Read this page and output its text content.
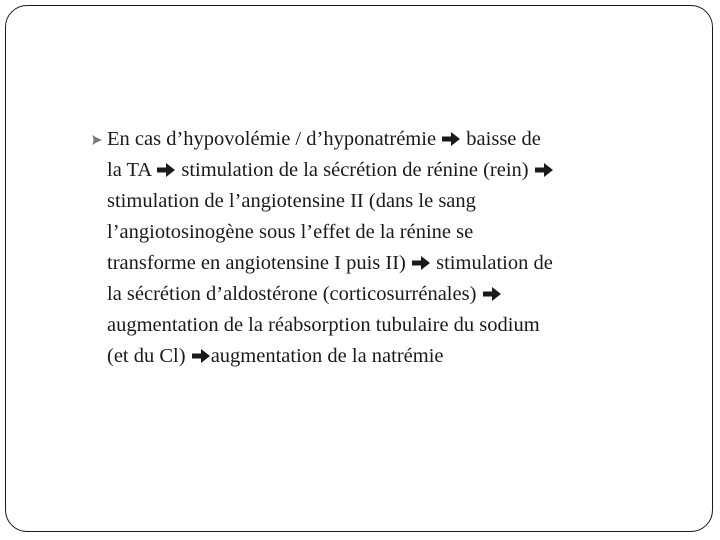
En cas d’hypovolémie / d’hyponatrémie  baisse de
la TA  stimulation de la sécrétion de rénine (rein)
stimulation de l’angiotensine II (dans le sang
l’angiotosinogène sous l’effet de la rénine se
transforme en angiotensine I puis II)  stimulation de
la sécrétion d’aldostérone (corticosurrénales)
augmentation de la réabsorption tubulaire du sodium
(et du Cl) augmentation de la natrémie
